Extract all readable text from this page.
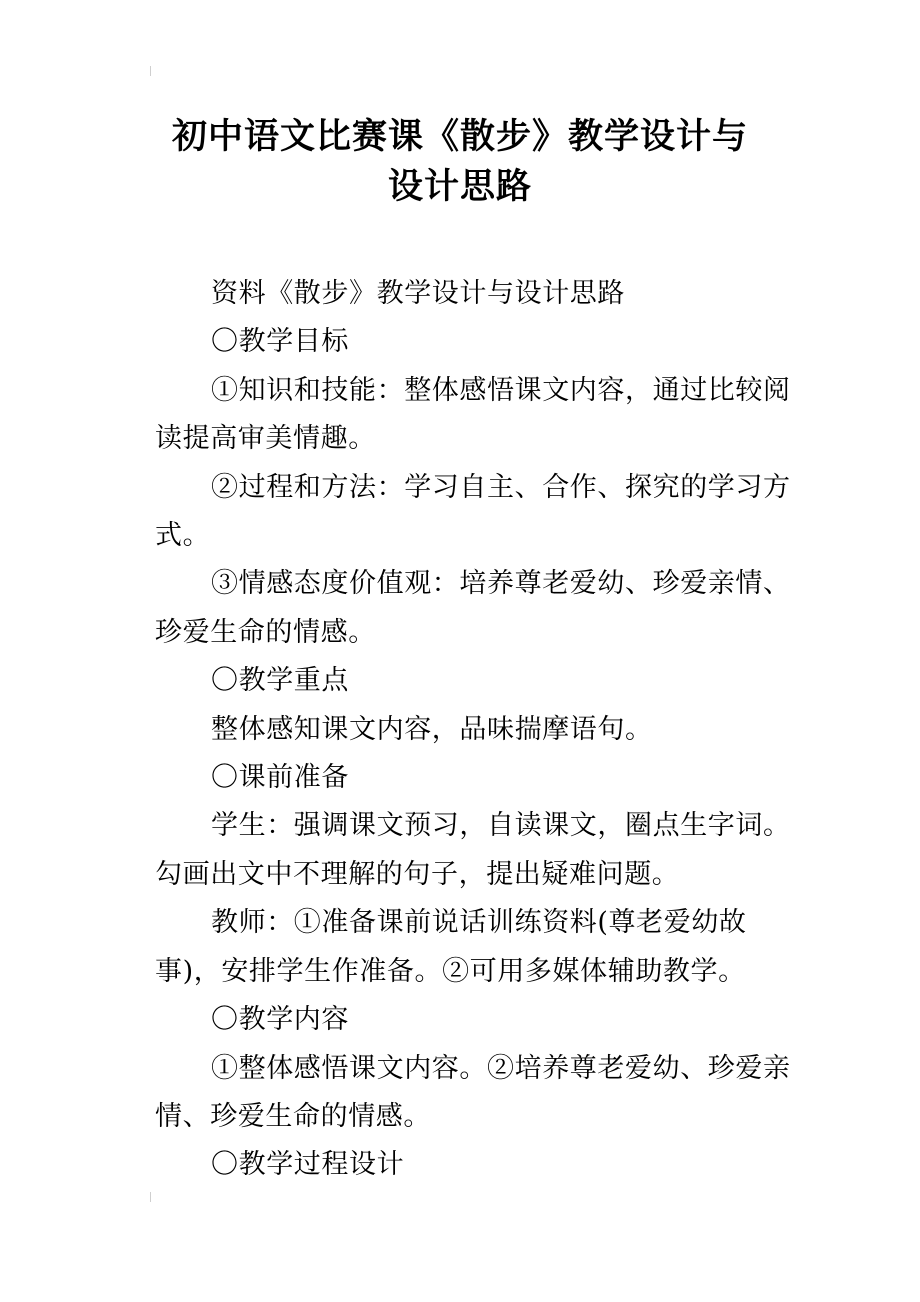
初中语文比赛课《散步》教学设计与
设计思路

资料《散步》教学设计与设计思路

〇教学目标

①知识和技能：整体感悟课文内容，通过比较阅读提高审美情趣。

②过程和方法：学习自主、合作、探究的学习方式。

③情感态度价值观：培养尊老爱幼、珍爱亲情、珍爱生命的情感。

〇教学重点

整体感知课文内容，品味揣摩语句。

〇课前准备

学生：强调课文预习，自读课文，圈点生字词。勾画出文中不理解的句子，提出疑难问题。

教师：①准备课前说话训练资料(尊老爱幼故事)，安排学生作准备。②可用多媒体辅助教学。

〇教学内容

①整体感悟课文内容。②培养尊老爱幼、珍爱亲情、珍爱生命的情感。

〇教学过程设计
